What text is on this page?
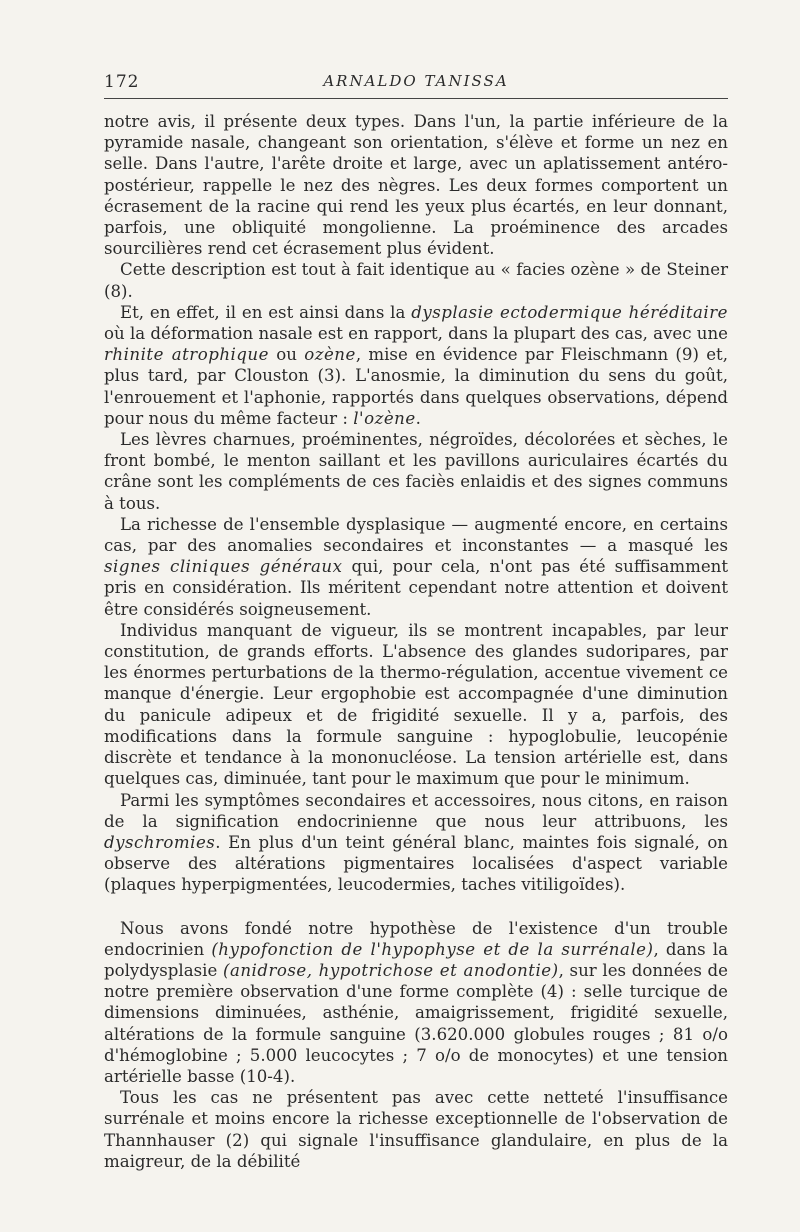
172	ARNALDO TANISSA

notre avis, il présente deux types. Dans l'un, la partie inférieure de la pyramide nasale, changeant son orientation, s'élève et forme un nez en selle. Dans l'autre, l'arête droite et large, avec un aplatissement antéro-postérieur, rappelle le nez des nègres. Les deux formes comportent un écrasement de la racine qui rend les yeux plus écartés, en leur donnant, parfois, une obliquité mongolienne. La proéminence des arcades sourcilières rend cet écrasement plus évident.

Cette description est tout à fait identique au « facies ozène » de Steiner (8).

Et, en effet, il en est ainsi dans la dysplasie ectodermique héréditaire où la déformation nasale est en rapport, dans la plupart des cas, avec une rhinite atrophique ou ozène, mise en évidence par Fleischmann (9) et, plus tard, par Clouston (3). L'anosmie, la diminution du sens du goût, l'enrouement et l'aphonie, rapportés dans quelques observations, dépend pour nous du même facteur : l'ozène.

Les lèvres charnues, proéminentes, négroïdes, décolorées et sèches, le front bombé, le menton saillant et les pavillons auriculaires écartés du crâne sont les compléments de ces faciès enlaidis et des signes communs à tous.

La richesse de l'ensemble dysplasique — augmenté encore, en certains cas, par des anomalies secondaires et inconstantes — a masqué les signes cliniques généraux qui, pour cela, n'ont pas été suffisamment pris en considération. Ils méritent cependant notre attention et doivent être considérés soigneusement.

Individus manquant de vigueur, ils se montrent incapables, par leur constitution, de grands efforts. L'absence des glandes sudoripares, par les énormes perturbations de la thermo-régulation, accentue vivement ce manque d'énergie. Leur ergophobie est accompagnée d'une diminution du panicule adipeux et de frigidité sexuelle. Il y a, parfois, des modifications dans la formule sanguine : hypoglobulie, leucopénie discrète et tendance à la mononucléose. La tension artérielle est, dans quelques cas, diminuée, tant pour le maximum que pour le minimum.

Parmi les symptômes secondaires et accessoires, nous citons, en raison de la signification endocrinienne que nous leur attribuons, les dyschromies. En plus d'un teint général blanc, maintes fois signalé, on observe des altérations pigmentaires localisées d'aspect variable (plaques hyperpigmentées, leucodermies, taches vitiligoïdes).

Nous avons fondé notre hypothèse de l'existence d'un trouble endocrinien (hypofonction de l'hypophyse et de la surrénale), dans la polydysplasie (anidrose, hypotrichose et anodontie), sur les données de notre première observation d'une forme complète (4) : selle turcique de dimensions diminuées, asthénie, amaigrissement, frigidité sexuelle, altérations de la formule sanguine (3.620.000 globules rouges ; 81 o/o d'hémoglobine ; 5.000 leucocytes ; 7 o/o de monocytes) et une tension artérielle basse (10-4).

Tous les cas ne présentent pas avec cette netteté l'insuffisance surrénale et moins encore la richesse exceptionnelle de l'observation de Thannhauser (2) qui signale l'insuffisance glandulaire, en plus de la maigreur, de la débilité
